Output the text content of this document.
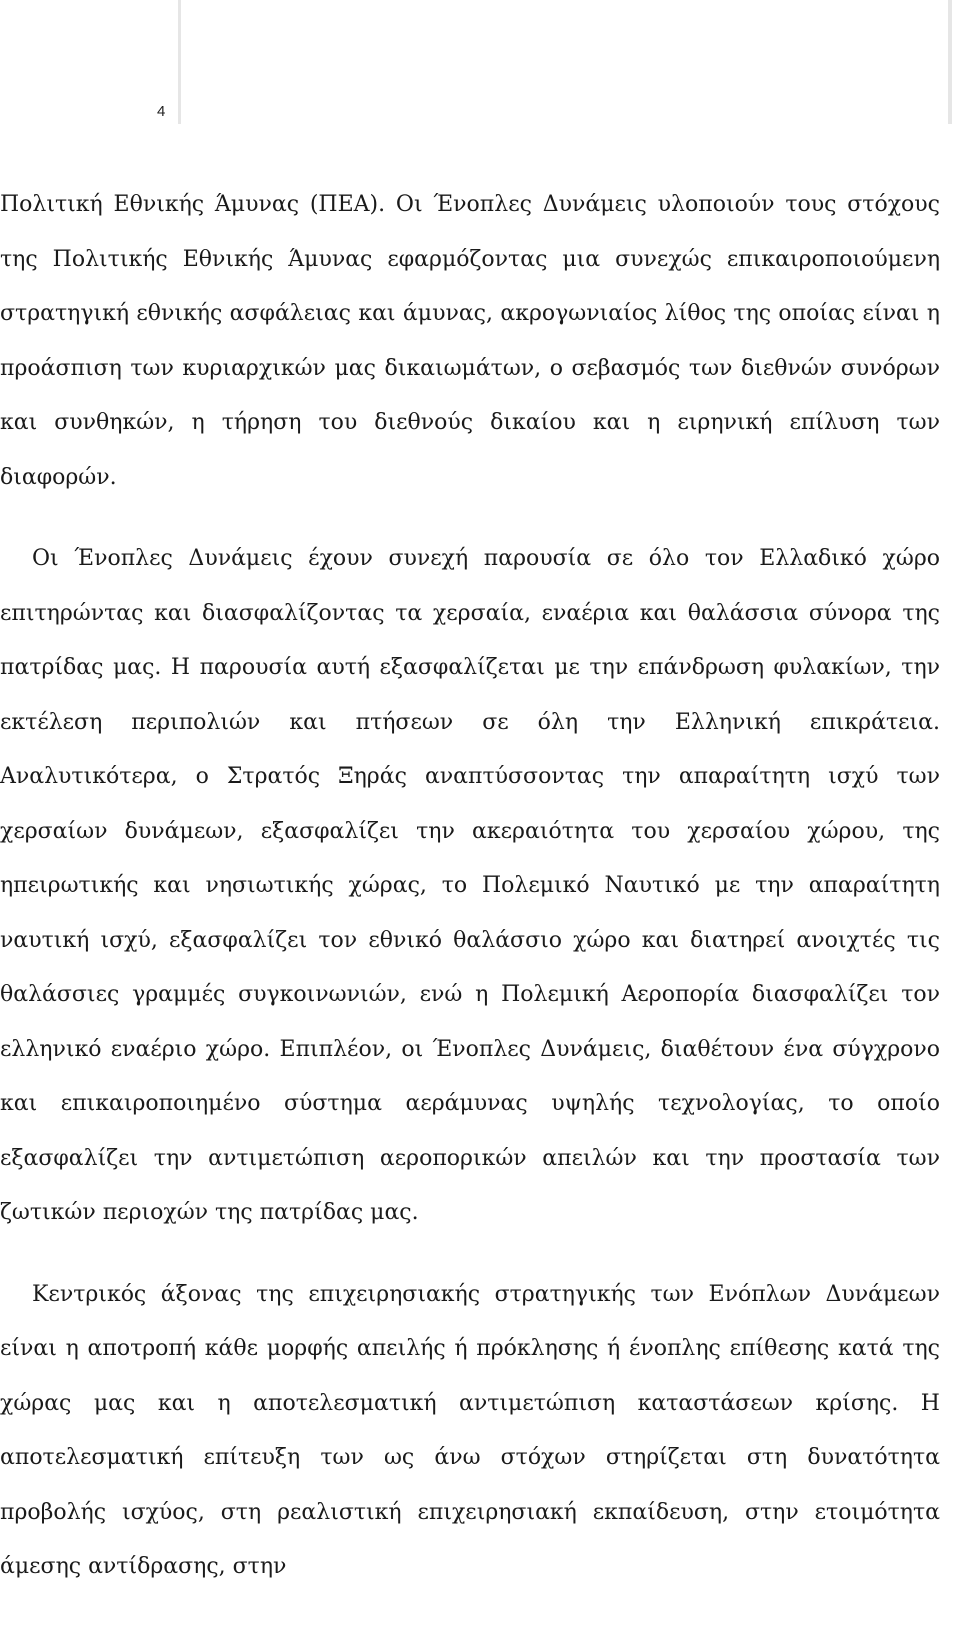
4

Πολιτική Εθνικής Άμυνας (ΠΕΑ). Οι Ένοπλες Δυνάμεις υλοποιούν τους στόχους της Πολιτικής Εθνικής Άμυνας εφαρμόζοντας μια συνεχώς επικαιροποιούμενη στρατηγική εθνικής ασφάλειας και άμυνας, ακρογωνιαίος λίθος της οποίας είναι η προάσπιση των κυριαρχικών μας δικαιωμάτων, ο σεβασμός των διεθνών συνόρων και συνθηκών, η τήρηση του διεθνούς δικαίου και η ειρηνική επίλυση των διαφορών.

Οι Ένοπλες Δυνάμεις έχουν συνεχή παρουσία σε όλο τον Ελλαδικό χώρο επιτηρώντας και διασφαλίζοντας τα χερσαία, εναέρια και θαλάσσια σύνορα της πατρίδας μας. Η παρουσία αυτή εξασφαλίζεται με την επάνδρωση φυλακίων, την εκτέλεση περιπολιών και πτήσεων σε όλη την Ελληνική επικράτεια. Αναλυτικότερα, ο Στρατός Ξηράς αναπτύσσοντας την απαραίτητη ισχύ των χερσαίων δυνάμεων, εξασφαλίζει την ακεραιότητα του χερσαίου χώρου, της ηπειρωτικής και νησιωτικής χώρας, το Πολεμικό Ναυτικό με την απαραίτητη ναυτική ισχύ, εξασφαλίζει τον εθνικό θαλάσσιο χώρο και διατηρεί ανοιχτές τις θαλάσσιες γραμμές συγκοινωνιών, ενώ η Πολεμική Αεροπορία διασφαλίζει τον ελληνικό εναέριο χώρο. Επιπλέον, οι Ένοπλες Δυνάμεις, διαθέτουν ένα σύγχρονο και επικαιροποιημένο σύστημα αεράμυνας υψηλής τεχνολογίας, το οποίο εξασφαλίζει την αντιμετώπιση αεροπορικών απειλών και την προστασία των ζωτικών περιοχών της πατρίδας μας.

Κεντρικός άξονας της επιχειρησιακής στρατηγικής των Ενόπλων Δυνάμεων είναι η αποτροπή κάθε μορφής απειλής ή πρόκλησης ή ένοπλης επίθεσης κατά της χώρας μας και η αποτελεσματική αντιμετώπιση καταστάσεων κρίσης. Η αποτελεσματική επίτευξη των ως άνω στόχων στηρίζεται στη δυνατότητα προβολής ισχύος, στη ρεαλιστική επιχειρησιακή εκπαίδευση, στην ετοιμότητα άμεσης αντίδρασης, στην
